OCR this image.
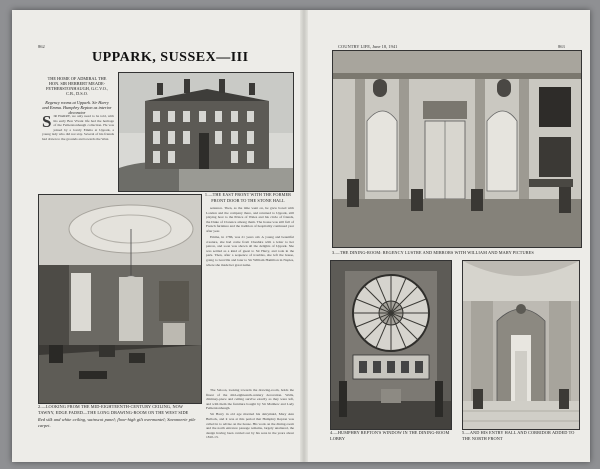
862
UPPARK, SUSSEX—III
THE HOME OF ADMIRAL THE HON. SIR HERBERT MEADE-FETHERSTONHAUGH, G.C.V.O., C.B., D.S.O.
Regency rooms at Uppark. Sir Harry and Emma. Humphry Repton as interior decorator
SIR HARRY, we only need to be told, with his early Bon Vivant life had the heritage of the Fetherstonhaugh collection. He was joined by a lovely Emma at Uppark, a young lady who did not stay. Several of his friends had drawn to the grounds and towards the West.
1.—THE EAST FRONT WITH THE FORMER FRONT DOOR TO THE STONE HALL
2.—LOOKING FROM THE MID-EIGHTEENTH-CENTURY CEILING, NOW TAWNY, EDGE FADED—THE LONG DRAWING-ROOM ON THE WEST SIDE
Red silk and white ceiling, wainscot panel; floor-high gilt overmantel; Savonnerie pile carpet.

sentence. Then, as the time went on, he grew bored with London and the company there, and returned to Uppark, still playing host to the Prince of Wales and his circle of friends, the Duke of Clarence among them. The house was still full of French furniture and the tradition of hospitality continued year after year.

Emma, in 1786, was 21 years old. A young and beautiful creature, she had come from Cheshire with a letter to her patron, and soon was shown all the delights of Uppark. She was settled as a kind of guest to Sir Harry, and rode in the park. Then, after a sequence of troubles, she left the house, going to Greville and later to Sir William Hamilton in Naples, where she made her great name.

The Saloon, looking towards the drawing-room, holds the finest of the mid-eighteenth-century decoration. Walls, chimney-piece and ceiling survive exactly as they were left, and with them the furniture bought by Sir Matthew and Lady Fetherstonhaugh.

Sir Harry in old age married his dairymaid, Mary Ann Bullock, and it was at this period that Humphry Repton was called in to advise on the house. His work on the dining-room and the north entrance passage remains, largely unaltered, the design having been carried out by his sons in the years about 1810-13.

COUNTRY LIFE, June 18, 1941	863
3.—THE DINING-ROOM: REGENCY LUSTRE AND MIRRORS WITH WILLIAM AND MARY PICTURES
4.—HUMPHRY REPTON'S WINDOW IN THE DINING-ROOM LOBBY
5.—AND HIS ENTRY HALL AND CORRIDOR ADDED TO THE NORTH FRONT
